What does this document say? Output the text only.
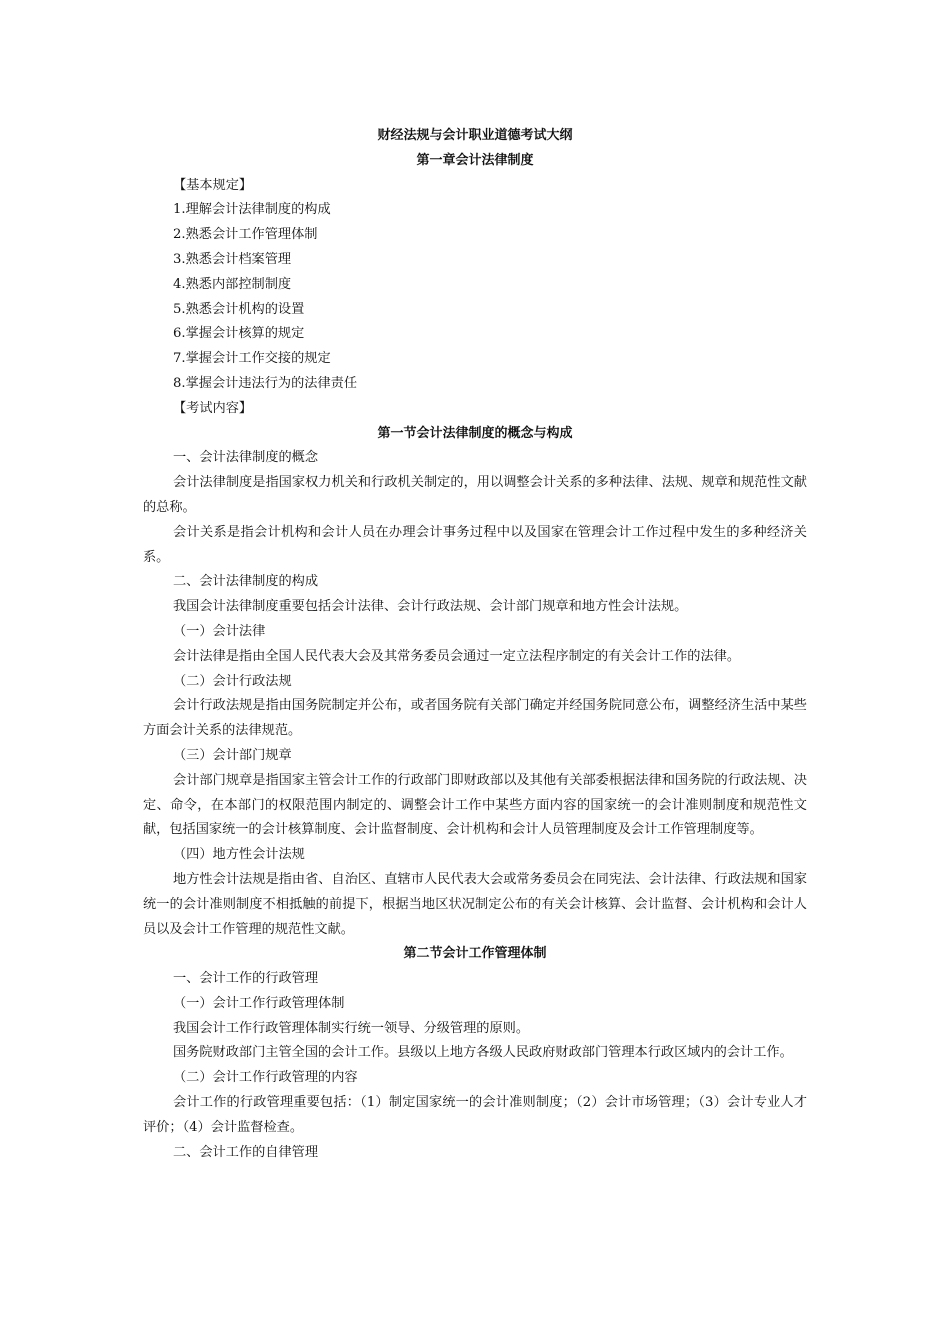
财经法规与会计职业道德考试大纲
第一章会计法律制度
【基本规定】
1.理解会计法律制度的构成
2.熟悉会计工作管理体制
3.熟悉会计档案管理
4.熟悉内部控制制度
5.熟悉会计机构的设置
6.掌握会计核算的规定
7.掌握会计工作交接的规定
8.掌握会计违法行为的法律责任
【考试内容】
第一节会计法律制度的概念与构成
一、会计法律制度的概念
会计法律制度是指国家权力机关和行政机关制定的，用以调整会计关系的多种法律、法规、规章和规范性文献的总称。
会计关系是指会计机构和会计人员在办理会计事务过程中以及国家在管理会计工作过程中发生的多种经济关系。
二、会计法律制度的构成
我国会计法律制度重要包括会计法律、会计行政法规、会计部门规章和地方性会计法规。
（一）会计法律
会计法律是指由全国人民代表大会及其常务委员会通过一定立法程序制定的有关会计工作的法律。
（二）会计行政法规
会计行政法规是指由国务院制定并公布，或者国务院有关部门确定并经国务院同意公布，调整经济生活中某些方面会计关系的法律规范。
（三）会计部门规章
会计部门规章是指国家主管会计工作的行政部门即财政部以及其他有关部委根据法律和国务院的行政法规、决定、命令，在本部门的权限范围内制定的、调整会计工作中某些方面内容的国家统一的会计准则制度和规范性文献，包括国家统一的会计核算制度、会计监督制度、会计机构和会计人员管理制度及会计工作管理制度等。
（四）地方性会计法规
地方性会计法规是指由省、自治区、直辖市人民代表大会或常务委员会在同宪法、会计法律、行政法规和国家统一的会计准则制度不相抵触的前提下，根据当地区状况制定公布的有关会计核算、会计监督、会计机构和会计人员以及会计工作管理的规范性文献。
第二节会计工作管理体制
一、会计工作的行政管理
（一）会计工作行政管理体制
我国会计工作行政管理体制实行统一领导、分级管理的原则。
国务院财政部门主管全国的会计工作。县级以上地方各级人民政府财政部门管理本行政区域内的会计工作。
（二）会计工作行政管理的内容
会计工作的行政管理重要包括：（1）制定国家统一的会计准则制度；（2）会计市场管理；（3）会计专业人才评价；（4）会计监督检查。
二、会计工作的自律管理
